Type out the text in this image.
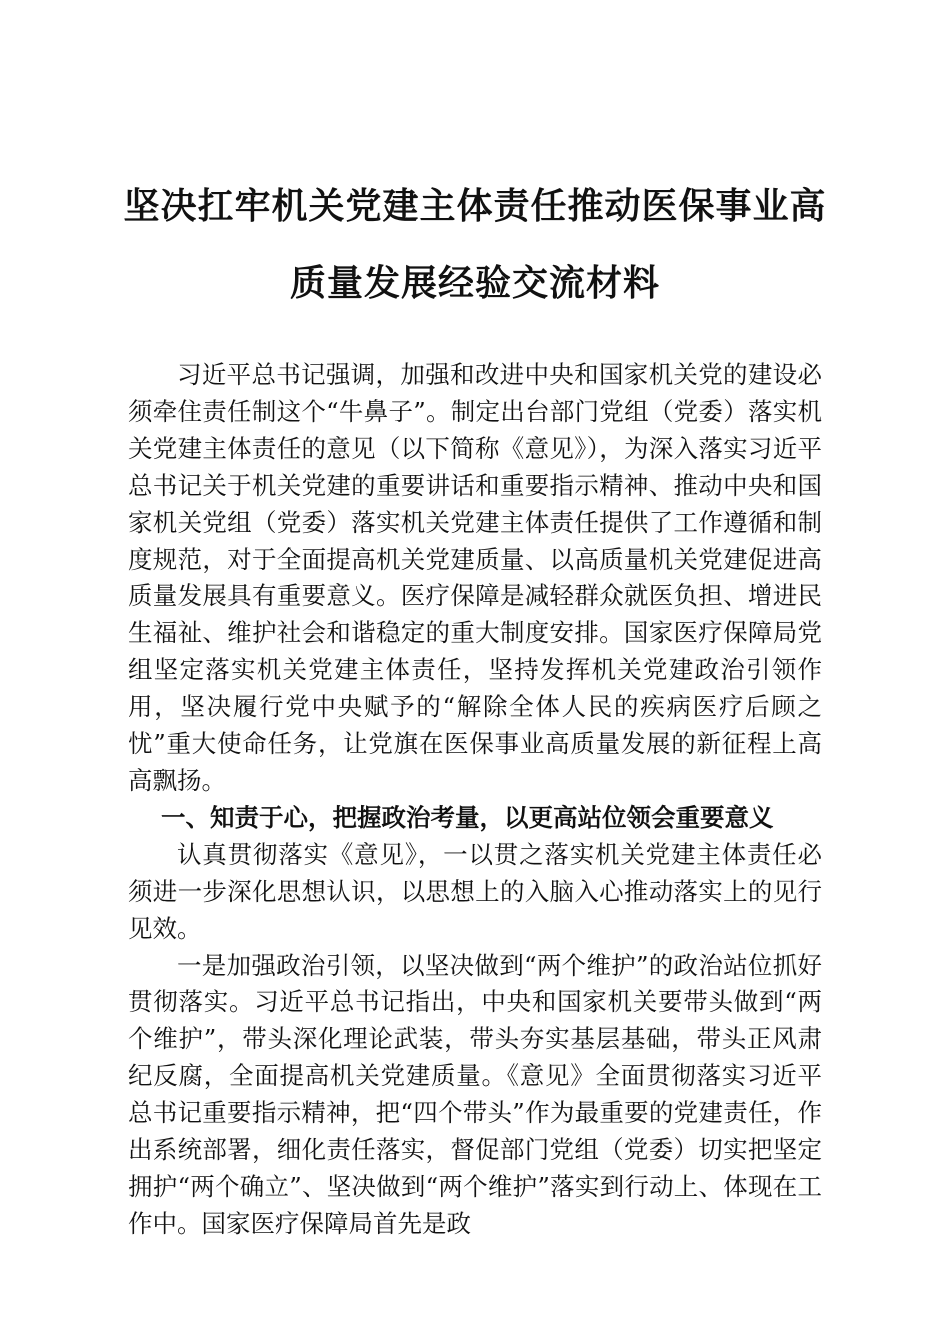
坚决扛牢机关党建主体责任推动医保事业高质量发展经验交流材料

习近平总书记强调，加强和改进中央和国家机关党的建设必须牵住责任制这个“牛鼻子”。制定出台部门党组（党委）落实机关党建主体责任的意见（以下简称《意见》），为深入落实习近平总书记关于机关党建的重要讲话和重要指示精神、推动中央和国家机关党组（党委）落实机关党建主体责任提供了工作遵循和制度规范，对于全面提高机关党建质量、以高质量机关党建促进高质量发展具有重要意义。医疗保障是减轻群众就医负担、增进民生福祉、维护社会和谐稳定的重大制度安排。国家医疗保障局党组坚定落实机关党建主体责任，坚持发挥机关党建政治引领作用，坚决履行党中央赋予的“解除全体人民的疾病医疗后顾之忧”重大使命任务，让党旗在医保事业高质量发展的新征程上高高飘扬。

一、知责于心，把握政治考量，以更高站位领会重要意义

认真贯彻落实《意见》，一以贯之落实机关党建主体责任必须进一步深化思想认识，以思想上的入脑入心推动落实上的见行见效。

一是加强政治引领，以坚决做到“两个维护”的政治站位抓好贯彻落实。习近平总书记指出，中央和国家机关要带头做到“两个维护”，带头深化理论武装，带头夯实基层基础，带头正风肃纪反腐，全面提高机关党建质量。《意见》全面贯彻落实习近平总书记重要指示精神，把“四个带头”作为最重要的党建责任，作出系统部署，细化责任落实，督促部门党组（党委）切实把坚定拥护“两个确立”、坚决做到“两个维护”落实到行动上、体现在工作中。国家医疗保障局首先是政
